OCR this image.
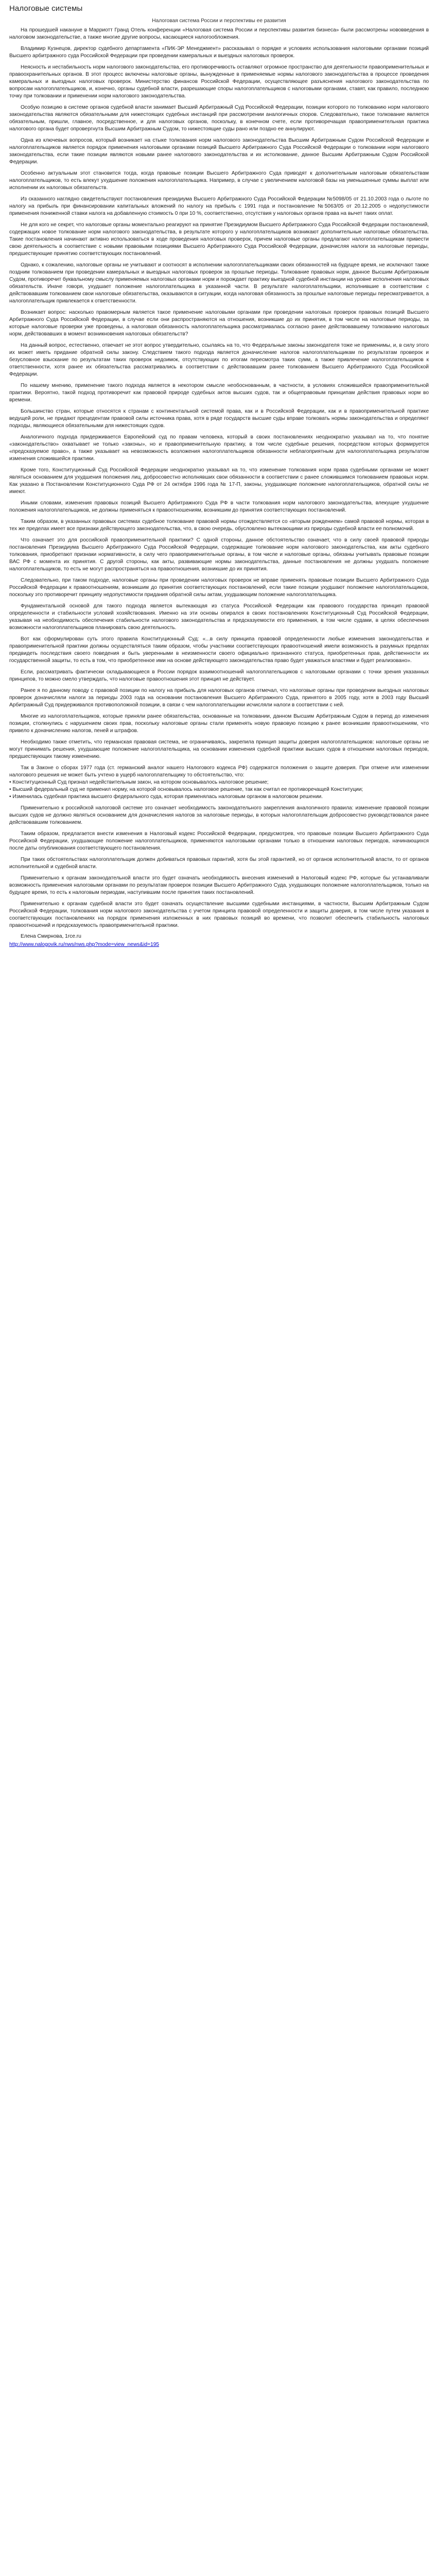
Налоговые системы
Налоговая система России и перспективы ее развития

На прошедшей накануне в Марриотт Гранд Отель конференции «Налоговая система России и перспективы развития бизнеса» были рассмотрены нововведения в налоговом законодательстве, а также многие другие вопросы, касающиеся налогообложения.

Владимир Кузнецов, директор судебного департамента «ПИК-ЭР Менеджмент» рассказывал о порядке и условиях использования налоговыми органами позиций Высшего арбитражного суда Российской Федерации при проведении камеральных и выездных налоговых проверок.

Неясность и нестабильность норм налогового законодательства, его противоречивость оставляют огромное пространство для деятельности правоприменительных и правоохранительных органов. В этот процесс включены налоговые органы, вынужденные в применяемые нормы налогового законодательства в процессе проведения камеральных и выездных налоговых проверок. Министерство финансов Российской Федерации, осуществляющее разъяснения налогового законодательства по вопросам налогоплательщиков, и, конечно, органы судебной власти, разрешающие споры налогоплательщиков с налоговыми органами, ставят, как правило, последнюю точку при толковании и применении норм налогового законодательства.

Особую позицию в системе органов судебной власти занимает Высший Арбитражный Суд Российской Федерации, позиции которого по толкованию норм налогового законодательства являются обязательными для нижестоящих судебных инстанций при рассмотрении аналогичных споров. Следовательно, такое толкование является обязательным, пришли, главное, посредственное, и для налоговых органов, поскольку, в конечном счете, если противоречащая правоприменительная практика налогового органа будет опровергнута Высшим Арбитражным Судом, то нижестоящие суды рано или поздно ее аннулируют.

Одна из ключевых вопросов, который возникает на стыке толкования норм налогового законодательства Высшим Арбитражным Судом Российской Федерации и налогоплательщиков является порядок применения налоговыми органами позиций Высшего Арбитражного Суда Российской Федерации о толковании норм налогового законодательства, если такие позиции являются новыми ранее налогового законодательства и их истолкование, данное Высшим Арбитражным Судом Российской Федерации.

Особенно актуальным этот становится тогда, когда правовые позиции Высшего Арбитражного Суда приводят к дополнительным налоговым обязательствам налогоплательщиков, то есть влекут ухудшение положения налогоплательщика. Например, в случае с увеличением налоговой базы на уменьшенные суммы выплат или исполнении их налоговых обязательств.

Из сказанного наглядно свидетельствуют постановления президиума Высшего Арбитражного Суда Российской Федерации №5098/05 от 21.10.2003 года о льготе по налогу на прибыль при финансировании капитальных вложений по налогу на прибыль с 1991 года и постановление №5063/05 от 20.12.2005 о недопустимости применения пониженной ставки налога на добавленную стоимость 0 при 10 %, соответственно, отсутствия у налоговых органов права на вычет таких оплат.

Не для кого не секрет, что налоговые органы моментально реагируют на принятие Президиумом Высшего Арбитражного Суда Российской Федерации постановлений, содержащих новое толкование норм налогового законодательства, в результате которого у налогоплательщиков возникают дополнительные налоговые обязательства. Такие постановления начинают активно использоваться в ходе проведения налоговых проверок, причем налоговые органы предлагают налогоплательщикам привести свою деятельность в соответствие с новыми правовыми позициями Высшего Арбитражного Суда Российской Федерации, доначисляя налоги за налоговые периоды, предшествующие принятию соответствующих постановлений.

Однако, к сожалению, налоговые органы не учитывают и соотносят в исполнении налогоплательщиками своих обязанностей на будущее время, не исключают также поздним толкованием при проведении камеральных и выездных налоговых проверок за прошлые периоды. Толкование правовых норм, данное Высшим Арбитражным Судом, противоречит буквальному смыслу применяемых налоговых органами норм и порождает практику выездной судебной инстанции на уровне исполнения налоговых обязательств. Иначе говоря, ухудшает положение налогоплательщика в указанной части. В результате налогоплательщики, исполнившие в соответствии с действовавшим толкованием свои налоговые обязательства, оказываются в ситуации, когда налоговая обязанность за прошлые налоговые периоды пересматривается, а налогоплательщик привлекается к ответственности.

Возникает вопрос: насколько правомерным является такое применение налоговыми органами при проведении налоговых проверок правовых позиций Высшего Арбитражного Суда Российской Федерации, в случае если они распространяются на отношения, возникшие до их принятия, в том числе на налоговые периоды, за которые налоговые проверки уже проведены, а налоговая обязанность налогоплательщика рассматривалась согласно ранее действовавшему толкованию налоговых норм, действовавших в момент возникновения налоговых обязательств?

На данный вопрос, естественно, отвечает не этот вопрос утвердительно, ссылаясь на то, что Федеральные законы законодателя тоже не применимы, и, в силу этого их может иметь придание обратной силы закону. Следствием такого подхода является доначисление налогов налогоплательщикам по результатам проверок и безусловное взыскание по результатам таких проверок недоимок, отсутствующих по итогам пересмотра таких сумм, а также привлечение налогоплательщиков к ответственности, хотя ранее их обязательства рассматривались в соответствии с действовавшим ранее толкованием Высшего Арбитражного Суда Российской Федерации.

По нашему мнению, применение такого подхода является в некотором смысле необоснованным, в частности, в условиях сложившейся правоприменительной практики. Вероятно, такой подход противоречит как правовой природе судебных актов высших судов, так и общеправовым принципам действия правовых норм во времени.

Большинство стран, которые относятся к странам с континентальной системой права, как и в Российской Федерации, как и в правоприменительной практике ведущей роли, не придают прецедентам правовой силы источника права, хотя в ряде государств высшие суды вправе толковать нормы законодательства и определяют подходы, являющиеся обязательными для нижестоящих судов.

Аналогичного подхода придерживается Европейский суд по правам человека, который в своих постановлениях неоднократно указывал на то, что понятие «законодательство» охватывает не только «законы», но и правоприменительную практику, в том числе судебные решения, посредством которых формируется «предсказуемое право», а также указывает на невозможность возложения налогоплательщиков обязанности неблагоприятным для налогоплательщика результатом изменения сложившейся практики.

Кроме того, Конституционный Суд Российской Федерации неоднократно указывал на то, что изменение толкования норм права судебными органами не может являться основанием для ухудшения положения лиц, добросовестно исполнявших свои обязанности в соответствии с ранее сложившимся толкованием правовых норм. Как указано в Постановлении Конституционного Суда РФ от 24 октября 1996 года № 17-П, законы, ухудшающие положение налогоплательщиков, обратной силы не имеют.

Иными словами, изменения правовых позиций Высшего Арбитражного Суда РФ в части толкования норм налогового законодательства, влекущие ухудшение положения налогоплательщиков, не должны применяться к правоотношениям, возникшим до принятия соответствующих постановлений.

Таким образом, в указанных правовых системах судебное толкование правовой нормы отождествляется со «вторым рождением» самой правовой нормы, которая в тех же пределах имеет все признаки действующего законодательства, что, в свою очередь, обусловлено вытекающими из природы судебной власти ее полномочий.

Что означает это для российской правоприменительной практики? С одной стороны, данное обстоятельство означает, что в силу своей правовой природы постановления Президиума Высшего Арбитражного Суда Российской Федерации, содержащие толкование норм налогового законодательства, как акты судебного толкования, приобретают признаки нормативности, в силу чего правоприменительные органы, в том числе и налоговые органы, обязаны учитывать правовые позиции ВАС РФ с момента их принятия. С другой стороны, как акты, развивающие нормы законодательства, данные постановления не должны ухудшать положение налогоплательщиков, то есть не могут распространяться на правоотношения, возникшие до их принятия.

Следовательно, при таком подходе, налоговые органы при проведении налоговых проверок не вправе применять правовые позиции Высшего Арбитражного Суда Российской Федерации к правоотношениям, возникшим до принятия соответствующих постановлений, если такие позиции ухудшают положение налогоплательщиков, поскольку это противоречит принципу недопустимости придания обратной силы актам, ухудшающим положение налогоплательщика.

Фундаментальной основой для такого подхода является вытекающая из статуса Российской Федерации как правового государства принцип правовой определенности и стабильности условий хозяйствования. Именно на эти основы опирался в своих постановлениях Конституционный Суд Российской Федерации, указывая на необходимость обеспечения стабильности налогового законодательства и предсказуемости его применения, в том числе судами, в целях обеспечения возможности налогоплательщиков планировать свою деятельность.

Вот как сформулирован суть этого правила Конституционный Суд: «...в силу принципа правовой определенности любые изменения законодательства и правоприменительной практики должны осуществляться таким образом, чтобы участники соответствующих правоотношений имели возможность в разумных пределах предвидеть последствия своего поведения и быть уверенными в неизменности своего официально признанного статуса, приобретенных прав, действенности их государственной защиты, то есть в том, что приобретенное ими на основе действующего законодательства право будет уважаться властями и будет реализовано».

Если, рассматривать фактически складывающиеся в России порядок взаимоотношений налогоплательщиков с налоговыми органами с точки зрения указанных принципов, то можно смело утверждать, что налоговые правоотношения этот принцип не действует.

Ранее я по данному поводу с правовой позиции по налогу на прибыль для налоговых органов отмечал, что налоговые органы при проведении выездных налоговых проверок доначисляли налоги за периоды 2003 года на основании постановления Высшего Арбитражного Суда, принятого в 2005 году, хотя в 2003 году Высший Арбитражный Суд придерживался противоположной позиции, в связи с чем налогоплательщики исчисляли налоги в соответствии с ней.

Многие из налогоплательщиков, которые приняли ранее обязательства, основанные на толковании, данном Высшим Арбитражным Судом в период до изменения позиции, столкнулись с нарушением своих прав, поскольку налоговые органы стали применять новую правовую позицию к ранее возникшим правоотношениям, что привело к доначислению налогов, пеней и штрафов.

Необходимо также отметить, что германская правовая система, не ограничиваясь, закрепила принцип защиты доверия налогоплательщиков: налоговые органы не могут принимать решения, ухудшающие положение налогоплательщика, на основании изменения судебной практики высших судов в отношении налоговых периодов, предшествующих такому изменению.

Так в Законе о сборах 1977 года (ст. германский аналог нашего Налогового кодекса РФ) содержатся положения о защите доверия. При отмене или изменении налогового решения не может быть учтено в ущерб налогоплательщику то обстоятельство, что:
• Конституционный Суд признал недействительным закон, на котором основывалось налоговое решение;
• Высший федеральный суд не применил норму, на которой основывалось налоговое решение, так как считал ее противоречащей Конституции;
• Изменилась судебная практика высшего федерального суда, которая применялась налоговым органом в налоговом решении.

Применительно к российской налоговой системе это означает необходимость законодательного закрепления аналогичного правила: изменение правовой позиции высших судов не должно являться основанием для доначисления налогов за налоговые периоды, в которых налогоплательщик добросовестно руководствовался ранее действовавшим толкованием.

Таким образом, предлагается внести изменения в Налоговый кодекс Российской Федерации, предусмотрев, что правовые позиции Высшего Арбитражного Суда Российской Федерации, ухудшающие положение налогоплательщиков, применяются налоговыми органами только в отношении налоговых периодов, начинающихся после даты опубликования соответствующего постановления.

При таких обстоятельствах налогоплательщик должен добиваться правовых гарантий, хотя бы этой гарантией, но от органов исполнительной власти, то от органов исполнительной и судебной власти.

Применительно к органам законодательной власти это будет означать необходимость внесения изменений в Налоговый кодекс РФ, которые бы устанавливали возможность применения налоговыми органами по результатам проверок позиции Высшего Арбитражного Суда, ухудшающих положение налогоплательщиков, только на будущее время, то есть к налоговым периодам, наступившим после принятия таких постановлений.

Применительно к органам судебной власти это будет означать осуществление высшими судебными инстанциями, в частности, Высшим Арбитражным Судом Российской Федерации, толкования норм налогового законодательства с учетом принципа правовой определенности и защиты доверия, в том числе путем указания в соответствующих постановлениях на порядок применения изложенных в них правовых позиций во времени, что позволит обеспечить стабильность налоговых правоотношений и предсказуемость правоприменительной практики.

Елена Смирнова, 1rce.ru
http://www.nalogovik.ru/nws/nws.php?mode=view_news&id=195
